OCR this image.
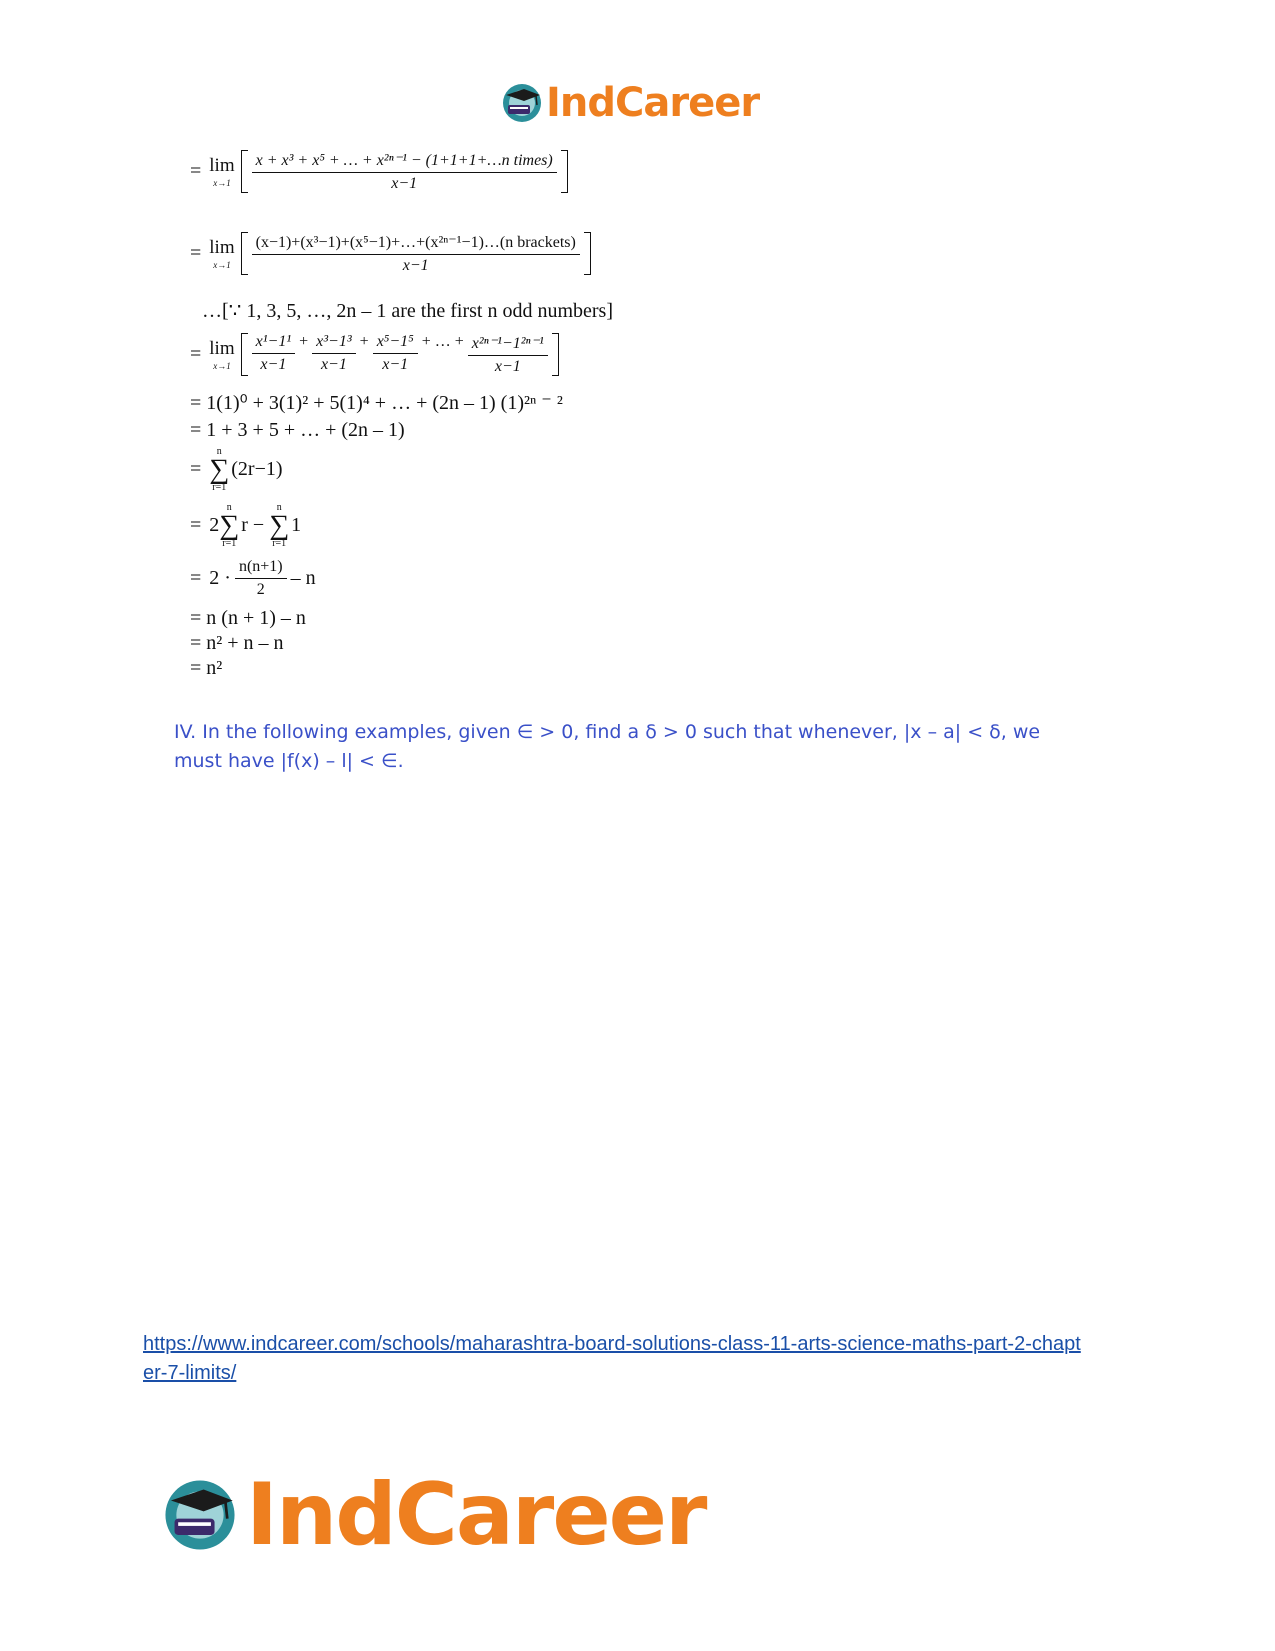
IndCareer
= lim
$x\to 1 \frac{\text{x + x³ + x⁵ + … + x²ⁿ⁻¹ − (1+1+1+…n times)}}{x-1}$
= lim
$x\to 1 \frac{\text{(x−1)+(x³−1)+(x⁵−1)+…+(x²ⁿ⁻¹−1)…(n brackets)}}{x-1}$
…[∵ 1, 3, 5, …, 2n – 1 are the first n odd numbers]
= lim
$x\to 1 \frac{\text{x¹−1¹}}{x-1} + \frac{\text{x³−1³}}{x-1} + \frac{\text{x⁵−1⁵}}{x-1}$ + … + $\frac{\text{x²ⁿ⁻¹−1²ⁿ⁻¹}}{x-1}$
= 1(1)⁰ + 3(1)² + 5(1)⁴ + … + (2n – 1) (1)²ⁿ ⁻ ²
= 1 + 3 + 5 + … + (2n – 1)
=
n
∑
r=1
(2r−1)
= 2
n
∑
r=1
r −
n
∑
r=1
1
= $2 \cdot \frac{n(n+1)}{2} - n$
= n (n + 1) – n
= n² + n – n
= n²
IV. In the following examples, given ∈ > 0, find a δ > 0 such that whenever, |x – a| < δ, we must have |f(x) – l| < ∈.
https://www.indcareer.com/schools/maharashtra-board-solutions-class-11-arts-science-maths-part-2-chapter-7-limits/
IndCareer
